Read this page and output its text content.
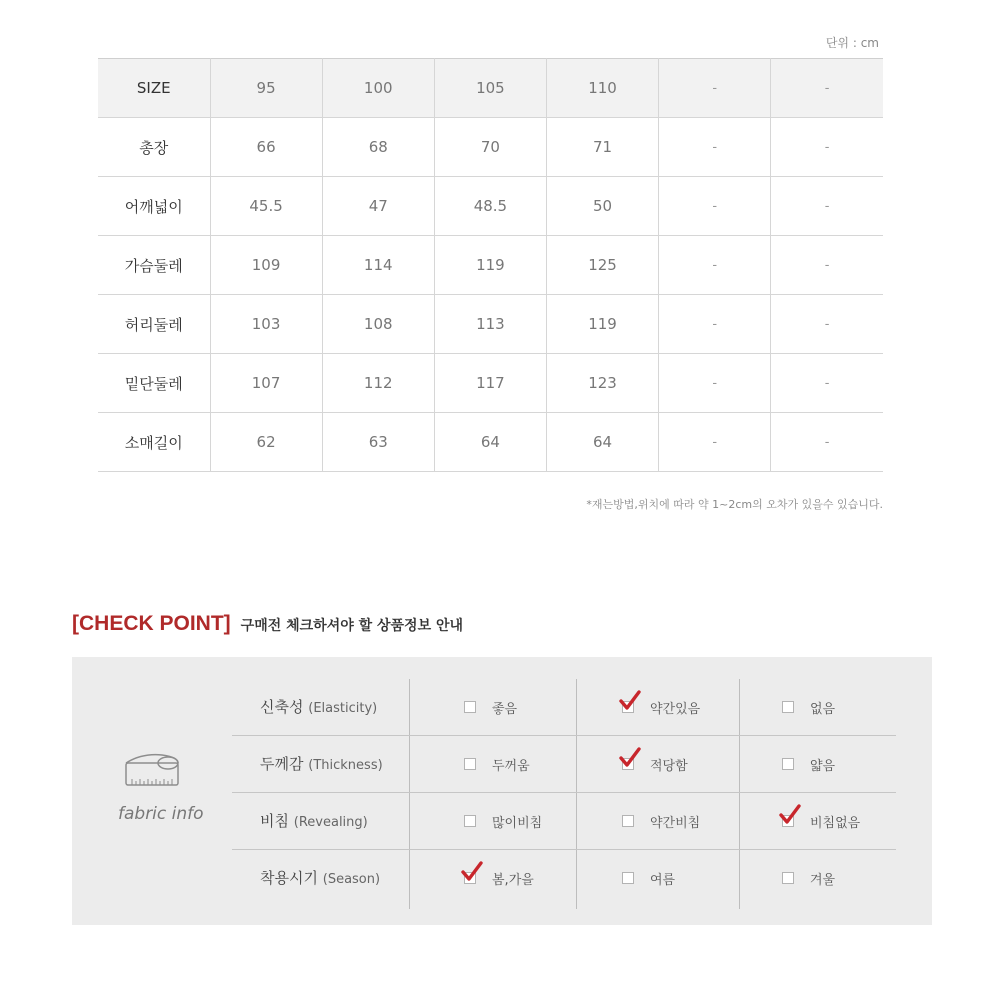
단위 : cm
SIZE	95	100	105	110	-	-
총장	66	68	70	71	-	-
어깨넓이	45.5	47	48.5	50	-	-
가슴둘레	109	114	119	125	-	-
허리둘레	103	108	113	119	-	-
밑단둘레	107	112	117	123	-	-
소매길이	62	63	64	64	-	-
*재는방법,위치에 따라 약 1~2cm의 오차가 있을수 있습니다.
[CHECK POINT] 구매전 체크하셔야 할 상품정보 안내
fabric info
신축성 (Elasticity)	좋음	약간있음	없음
두께감 (Thickness)	두꺼움	적당함	얇음
비침 (Revealing)	많이비침	약간비침	비침없음
착용시기 (Season)	봄,가을	여름	겨울
